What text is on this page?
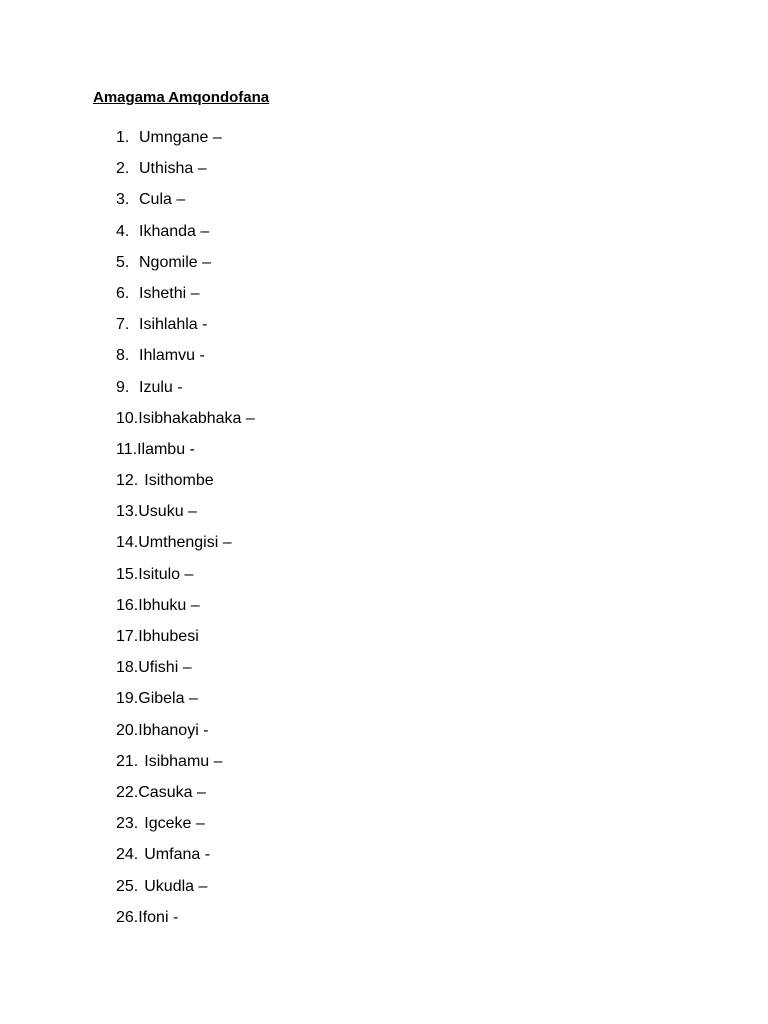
Amagama Amqondofana
1. Umngane –
2. Uthisha –
3. Cula –
4. Ikhanda –
5. Ngomile –
6. Ishethi –
7. Isihlahla -
8. Ihlamvu -
9. Izulu -
10. Isibhakabhaka –
11. Ilambu -
12. Isithombe
13. Usuku –
14. Umthengisi –
15. Isitulo –
16. Ibhuku –
17. Ibhubesi
18. Ufishi –
19. Gibela –
20. Ibhanoyi -
21. Isibhamu –
22. Casuka –
23. Igceke –
24. Umfana -
25. Ukudla –
26. Ifoni -
